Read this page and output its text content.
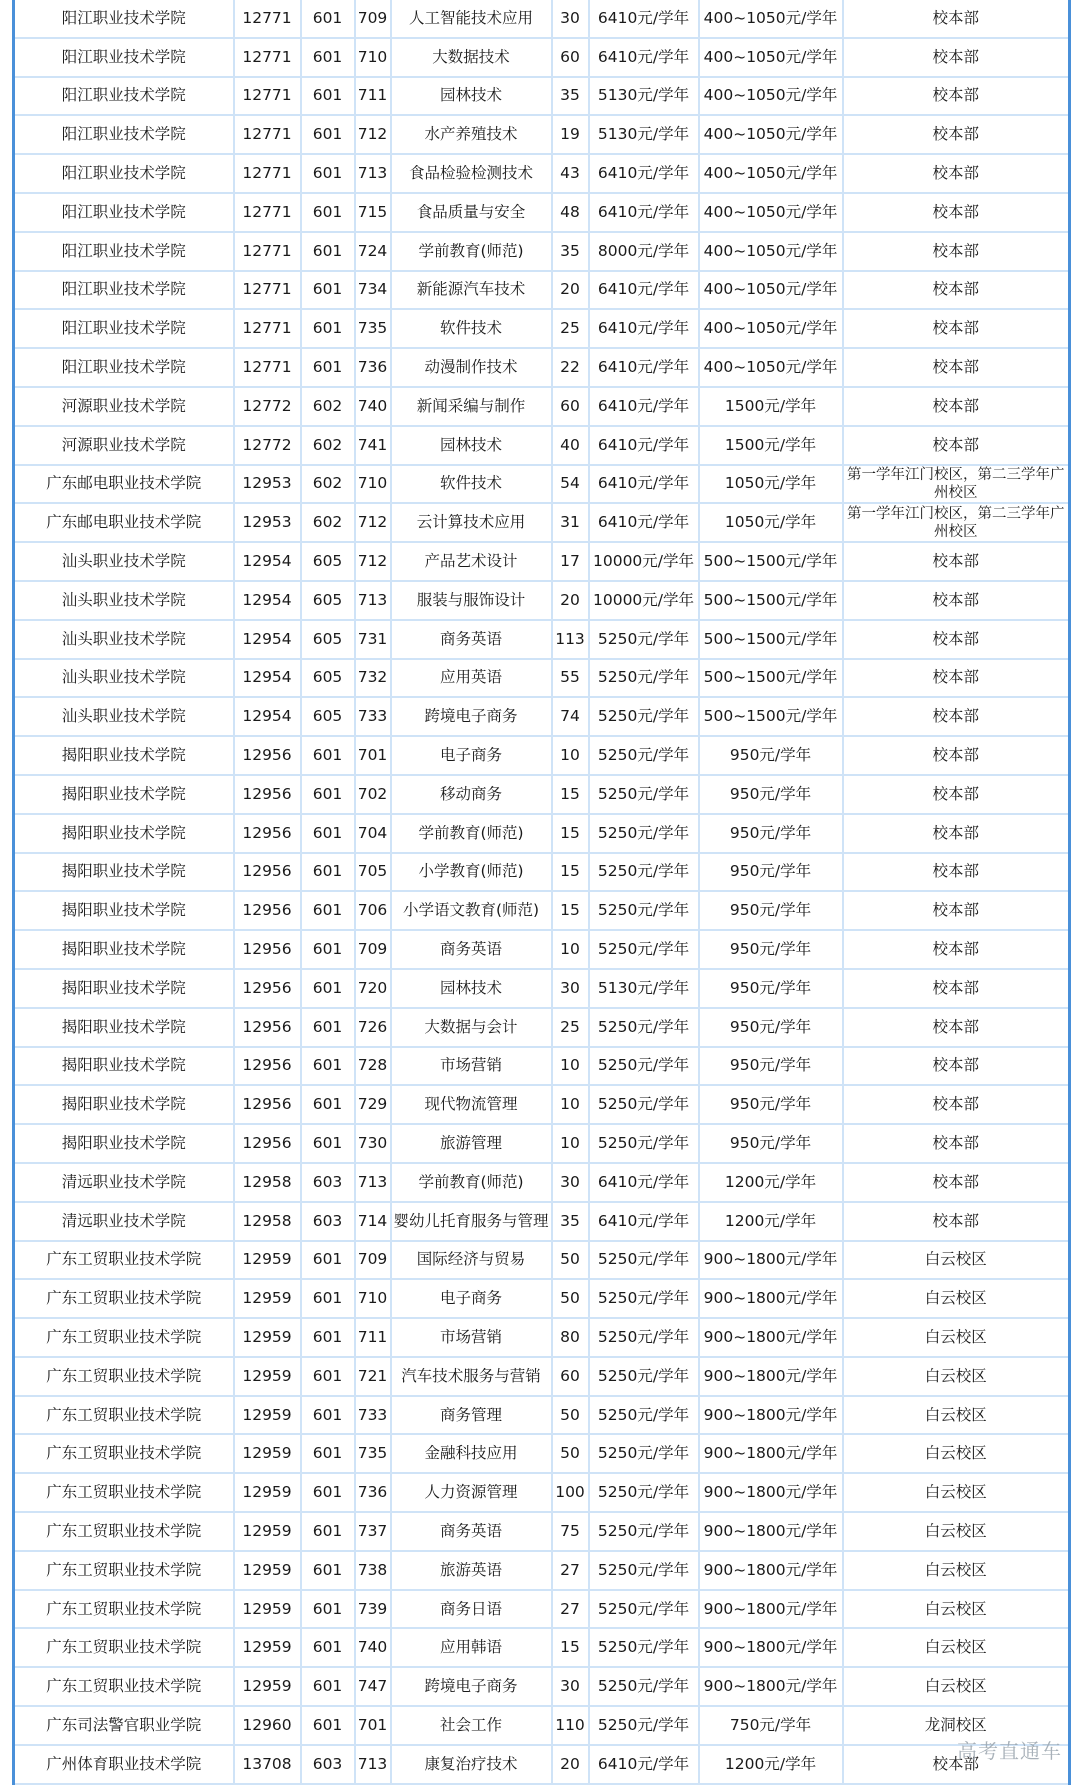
阳江职业技术学院	12771	601	709	人工智能技术应用	30	6410元/学年	400~1050元/学年	校本部
阳江职业技术学院	12771	601	710	大数据技术	60	6410元/学年	400~1050元/学年	校本部
阳江职业技术学院	12771	601	711	园林技术	35	5130元/学年	400~1050元/学年	校本部
阳江职业技术学院	12771	601	712	水产养殖技术	19	5130元/学年	400~1050元/学年	校本部
阳江职业技术学院	12771	601	713	食品检验检测技术	43	6410元/学年	400~1050元/学年	校本部
阳江职业技术学院	12771	601	715	食品质量与安全	48	6410元/学年	400~1050元/学年	校本部
阳江职业技术学院	12771	601	724	学前教育(师范)	35	8000元/学年	400~1050元/学年	校本部
阳江职业技术学院	12771	601	734	新能源汽车技术	20	6410元/学年	400~1050元/学年	校本部
阳江职业技术学院	12771	601	735	软件技术	25	6410元/学年	400~1050元/学年	校本部
阳江职业技术学院	12771	601	736	动漫制作技术	22	6410元/学年	400~1050元/学年	校本部
河源职业技术学院	12772	602	740	新闻采编与制作	60	6410元/学年	1500元/学年	校本部
河源职业技术学院	12772	602	741	园林技术	40	6410元/学年	1500元/学年	校本部
广东邮电职业技术学院	12953	602	710	软件技术	54	6410元/学年	1050元/学年	第一学年江门校区，第二三学年广州校区
广东邮电职业技术学院	12953	602	712	云计算技术应用	31	6410元/学年	1050元/学年	第一学年江门校区，第二三学年广州校区
汕头职业技术学院	12954	605	712	产品艺术设计	17	10000元/学年	500~1500元/学年	校本部
汕头职业技术学院	12954	605	713	服装与服饰设计	20	10000元/学年	500~1500元/学年	校本部
汕头职业技术学院	12954	605	731	商务英语	113	5250元/学年	500~1500元/学年	校本部
汕头职业技术学院	12954	605	732	应用英语	55	5250元/学年	500~1500元/学年	校本部
汕头职业技术学院	12954	605	733	跨境电子商务	74	5250元/学年	500~1500元/学年	校本部
揭阳职业技术学院	12956	601	701	电子商务	10	5250元/学年	950元/学年	校本部
揭阳职业技术学院	12956	601	702	移动商务	15	5250元/学年	950元/学年	校本部
揭阳职业技术学院	12956	601	704	学前教育(师范)	15	5250元/学年	950元/学年	校本部
揭阳职业技术学院	12956	601	705	小学教育(师范)	15	5250元/学年	950元/学年	校本部
揭阳职业技术学院	12956	601	706	小学语文教育(师范)	15	5250元/学年	950元/学年	校本部
揭阳职业技术学院	12956	601	709	商务英语	10	5250元/学年	950元/学年	校本部
揭阳职业技术学院	12956	601	720	园林技术	30	5130元/学年	950元/学年	校本部
揭阳职业技术学院	12956	601	726	大数据与会计	25	5250元/学年	950元/学年	校本部
揭阳职业技术学院	12956	601	728	市场营销	10	5250元/学年	950元/学年	校本部
揭阳职业技术学院	12956	601	729	现代物流管理	10	5250元/学年	950元/学年	校本部
揭阳职业技术学院	12956	601	730	旅游管理	10	5250元/学年	950元/学年	校本部
清远职业技术学院	12958	603	713	学前教育(师范)	30	6410元/学年	1200元/学年	校本部
清远职业技术学院	12958	603	714	婴幼儿托育服务与管理	35	6410元/学年	1200元/学年	校本部
广东工贸职业技术学院	12959	601	709	国际经济与贸易	50	5250元/学年	900~1800元/学年	白云校区
广东工贸职业技术学院	12959	601	710	电子商务	50	5250元/学年	900~1800元/学年	白云校区
广东工贸职业技术学院	12959	601	711	市场营销	80	5250元/学年	900~1800元/学年	白云校区
广东工贸职业技术学院	12959	601	721	汽车技术服务与营销	60	5250元/学年	900~1800元/学年	白云校区
广东工贸职业技术学院	12959	601	733	商务管理	50	5250元/学年	900~1800元/学年	白云校区
广东工贸职业技术学院	12959	601	735	金融科技应用	50	5250元/学年	900~1800元/学年	白云校区
广东工贸职业技术学院	12959	601	736	人力资源管理	100	5250元/学年	900~1800元/学年	白云校区
广东工贸职业技术学院	12959	601	737	商务英语	75	5250元/学年	900~1800元/学年	白云校区
广东工贸职业技术学院	12959	601	738	旅游英语	27	5250元/学年	900~1800元/学年	白云校区
广东工贸职业技术学院	12959	601	739	商务日语	27	5250元/学年	900~1800元/学年	白云校区
广东工贸职业技术学院	12959	601	740	应用韩语	15	5250元/学年	900~1800元/学年	白云校区
广东工贸职业技术学院	12959	601	747	跨境电子商务	30	5250元/学年	900~1800元/学年	白云校区
广东司法警官职业学院	12960	601	701	社会工作	110	5250元/学年	750元/学年	龙洞校区
广州体育职业技术学院	13708	603	713	康复治疗技术	20	6410元/学年	1200元/学年	校本部
高考直通车
